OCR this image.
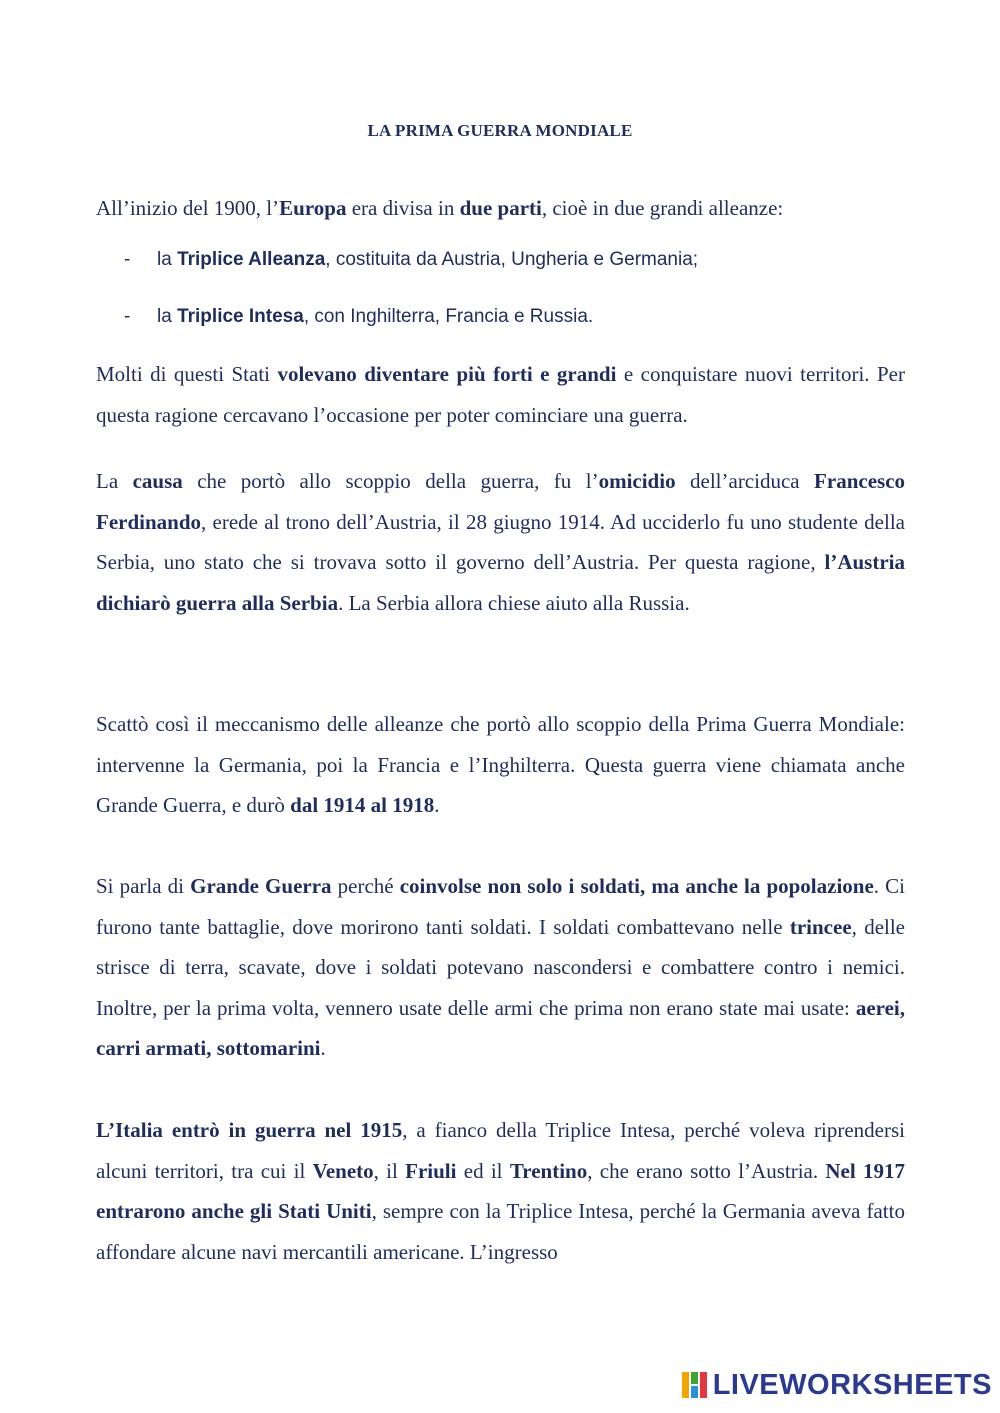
LA PRIMA GUERRA MONDIALE

All’inizio del 1900, l’Europa era divisa in due parti, cioè in due grandi alleanze:

- la Triplice Alleanza, costituita da Austria, Ungheria e Germania;
- la Triplice Intesa, con Inghilterra, Francia e Russia.

Molti di questi Stati volevano diventare più forti e grandi e conquistare nuovi territori. Per questa ragione cercavano l’occasione per poter cominciare una guerra.

La causa che portò allo scoppio della guerra, fu l’omicidio dell’arciduca Francesco Ferdinando, erede al trono dell’Austria, il 28 giugno 1914. Ad ucciderlo fu uno studente della Serbia, uno stato che si trovava sotto il governo dell’Austria. Per questa ragione, l’Austria dichiarò guerra alla Serbia. La Serbia allora chiese aiuto alla Russia.

Scattò così il meccanismo delle alleanze che portò allo scoppio della Prima Guerra Mondiale: intervenne la Germania, poi la Francia e l’Inghilterra. Questa guerra viene chiamata anche Grande Guerra, e durò dal 1914 al 1918.

Si parla di Grande Guerra perché coinvolse non solo i soldati, ma anche la popolazione. Ci furono tante battaglie, dove morirono tanti soldati. I soldati combattevano nelle trincee, delle strisce di terra, scavate, dove i soldati potevano nascondersi e combattere contro i nemici. Inoltre, per la prima volta, vennero usate delle armi che prima non erano state mai usate: aerei, carri armati, sottomarini.

L’Italia entrò in guerra nel 1915, a fianco della Triplice Intesa, perché voleva riprendersi alcuni territori, tra cui il Veneto, il Friuli ed il Trentino, che erano sotto l’Austria. Nel 1917 entrarono anche gli Stati Uniti, sempre con la Triplice Intesa, perché la Germania aveva fatto affondare alcune navi mercantili americane. L’ingresso

LIVEWORKSHEETS
